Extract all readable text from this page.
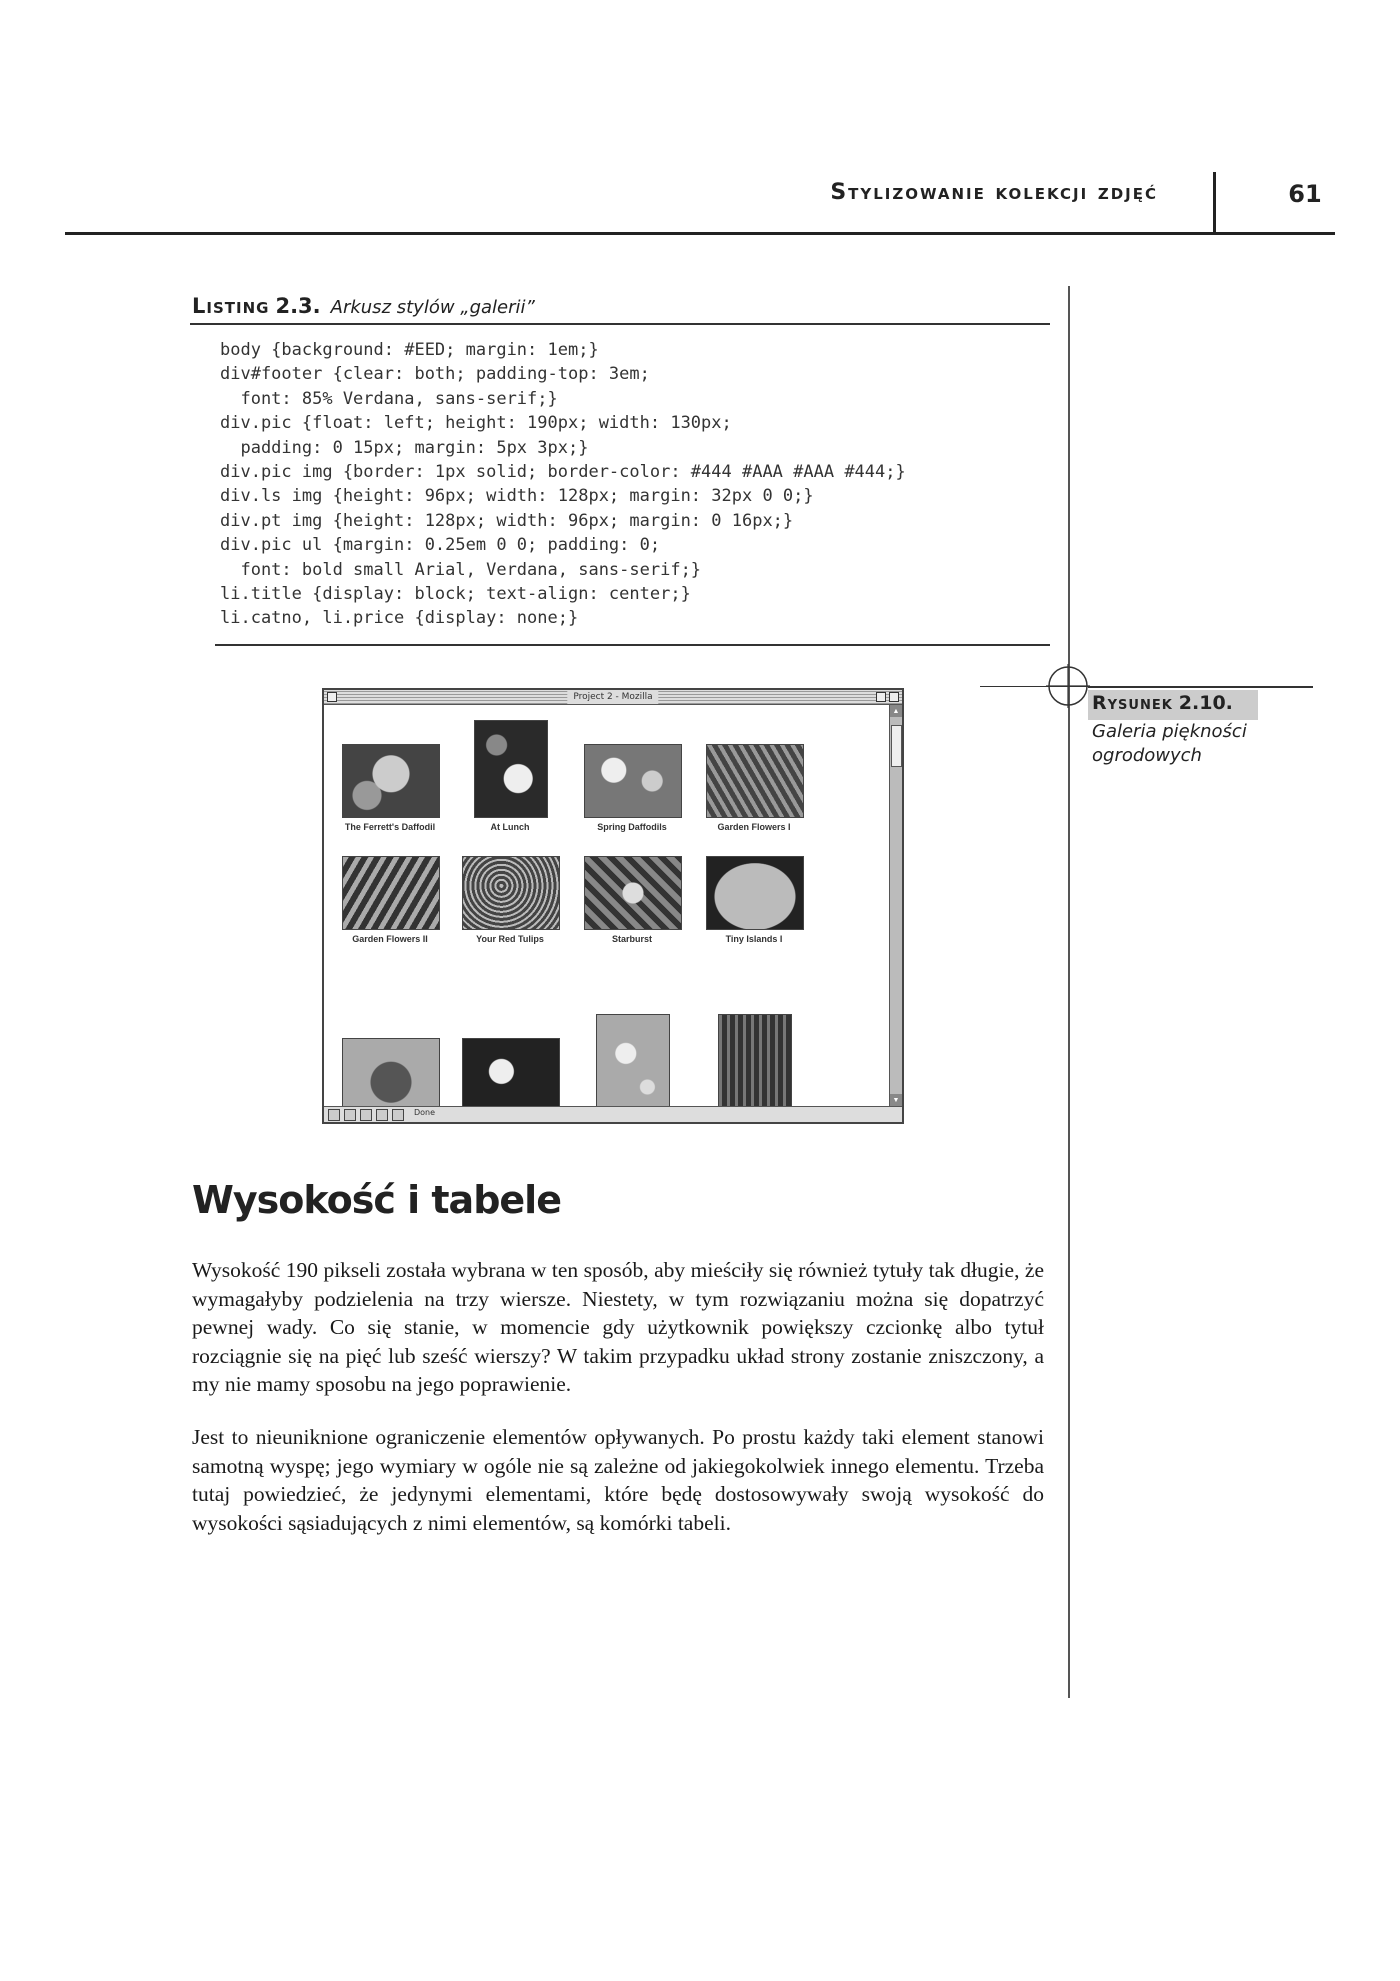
Stylizowanie kolekcji zdjęć	61
Listing 2.3. Arkusz stylów „galerii”
body {background: #EED; margin: 1em;}
div#footer {clear: both; padding-top: 3em;
font: 85% Verdana, sans-serif;}
div.pic {float: left; height: 190px; width: 130px;
padding: 0 15px; margin: 5px 3px;}
div.pic img {border: 1px solid; border-color: #444 #AAA #AAA #444;}
div.ls img {height: 96px; width: 128px; margin: 32px 0 0;}
div.pt img {height: 128px; width: 96px; margin: 0 16px;}
div.pic ul {margin: 0.25em 0 0; padding: 0;
font: bold small Arial, Verdana, sans-serif;}
li.title {display: block; text-align: center;}
li.catno, li.price {display: none;}
Rysunek 2.10.
Galeria piękności ogrodowych
Project 2 - Mozilla
The Ferrett's Daffodil	At Lunch	Spring Daffodils	Garden Flowers I
Garden Flowers II	Your Red Tulips	Starburst	Tiny Islands I
▲
▼
Done
Wysokość i tabele

Wysokość 190 pikseli została wybrana w ten sposób, aby mieściły się również tytuły tak długie, że wymagałyby podzielenia na trzy wiersze. Niestety, w tym rozwiązaniu można się dopatrzyć pewnej wady. Co się stanie, w momencie gdy użytkownik powiększy czcionkę albo tytuł rozciągnie się na pięć lub sześć wierszy? W takim przypadku układ strony zostanie zniszczony, a my nie mamy sposobu na jego poprawienie.

Jest to nieuniknione ograniczenie elementów opływanych. Po prostu każdy taki element stanowi samotną wyspę; jego wymiary w ogóle nie są zależne od jakiegokolwiek innego elementu. Trzeba tutaj powiedzieć, że jedynymi elementami, które będę dostosowywały swoją wysokość do wysokości sąsiadujących z nimi elementów, są komórki tabeli.
